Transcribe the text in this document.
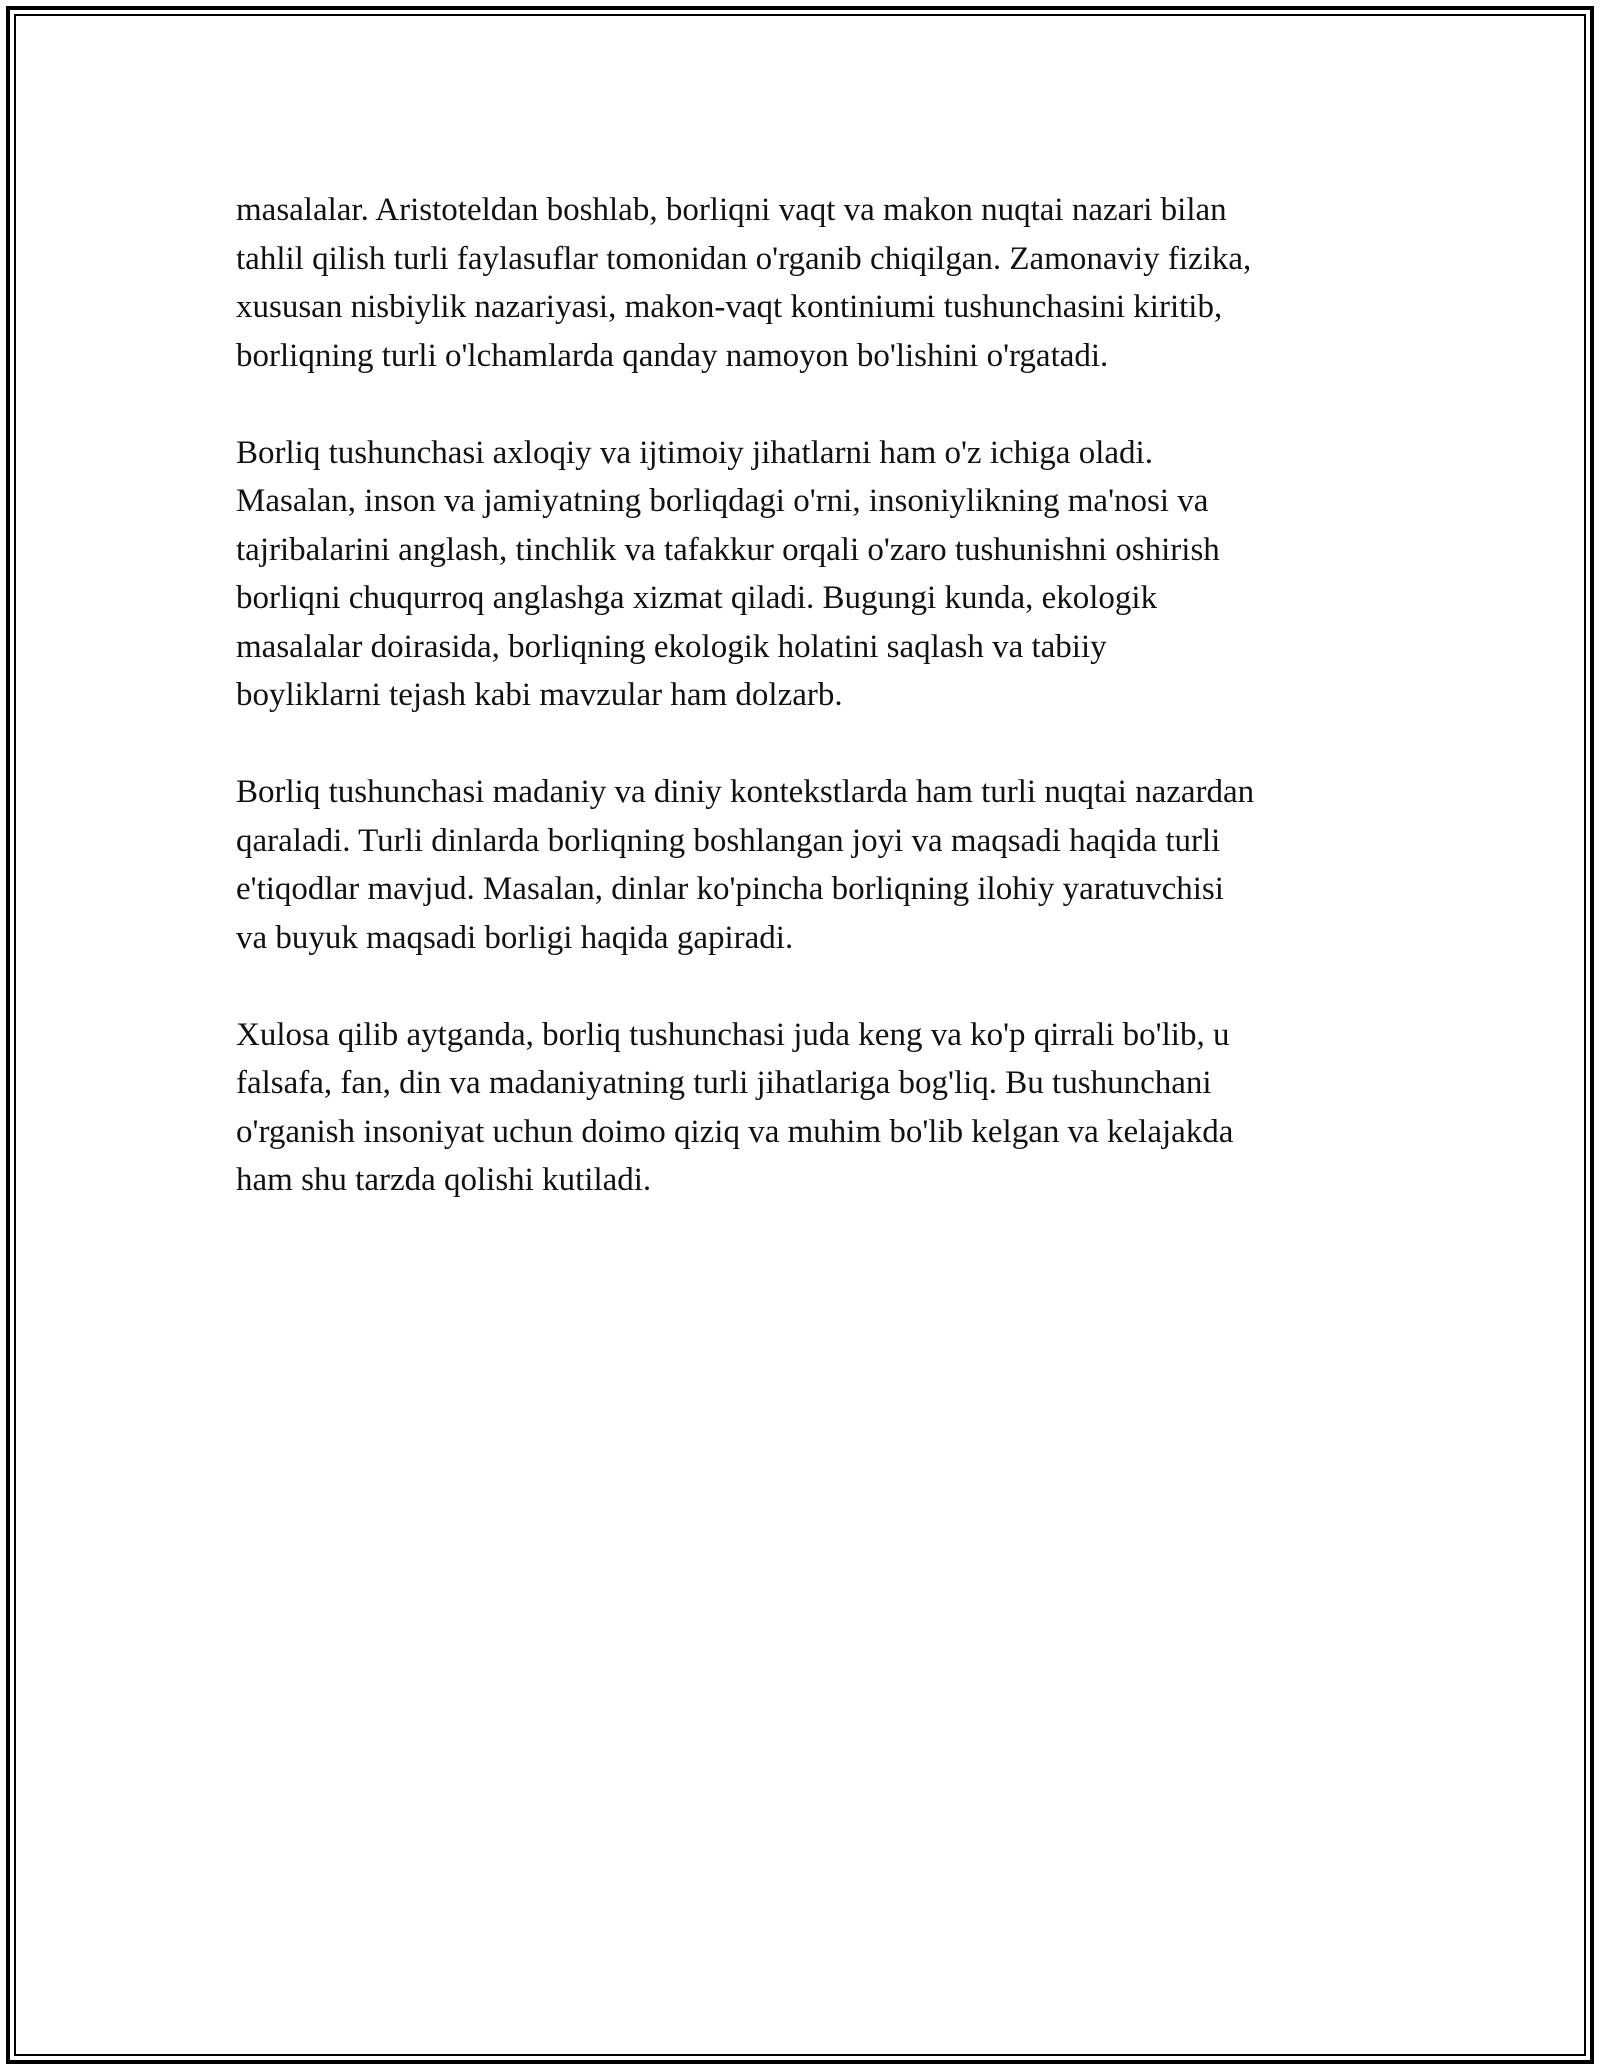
masalalar. Aristoteldan boshlab, borliqni vaqt va makon nuqtai nazari bilan
tahlil qilish turli faylasuflar tomonidan o'rganib chiqilgan. Zamonaviy fizika,
xususan nisbiylik nazariyasi, makon-vaqt kontiniumi tushunchasini kiritib,
borliqning turli o'lchamlarda qanday namoyon bo'lishini o'rgatadi.

Borliq tushunchasi axloqiy va ijtimoiy jihatlarni ham o'z ichiga oladi.
Masalan, inson va jamiyatning borliqdagi o'rni, insoniylikning ma'nosi va
tajribalarini anglash, tinchlik va tafakkur orqali o'zaro tushunishni oshirish
borliqni chuqurroq anglashga xizmat qiladi. Bugungi kunda, ekologik
masalalar doirasida, borliqning ekologik holatini saqlash va tabiiy
boyliklarni tejash kabi mavzular ham dolzarb.

Borliq tushunchasi madaniy va diniy kontekstlarda ham turli nuqtai nazardan
qaraladi. Turli dinlarda borliqning boshlangan joyi va maqsadi haqida turli
e'tiqodlar mavjud. Masalan, dinlar ko'pincha borliqning ilohiy yaratuvchisi
va buyuk maqsadi borligi haqida gapiradi.

Xulosa qilib aytganda, borliq tushunchasi juda keng va ko'p qirrali bo'lib, u
falsafa, fan, din va madaniyatning turli jihatlariga bog'liq. Bu tushunchani
o'rganish insoniyat uchun doimo qiziq va muhim bo'lib kelgan va kelajakda
ham shu tarzda qolishi kutiladi.
